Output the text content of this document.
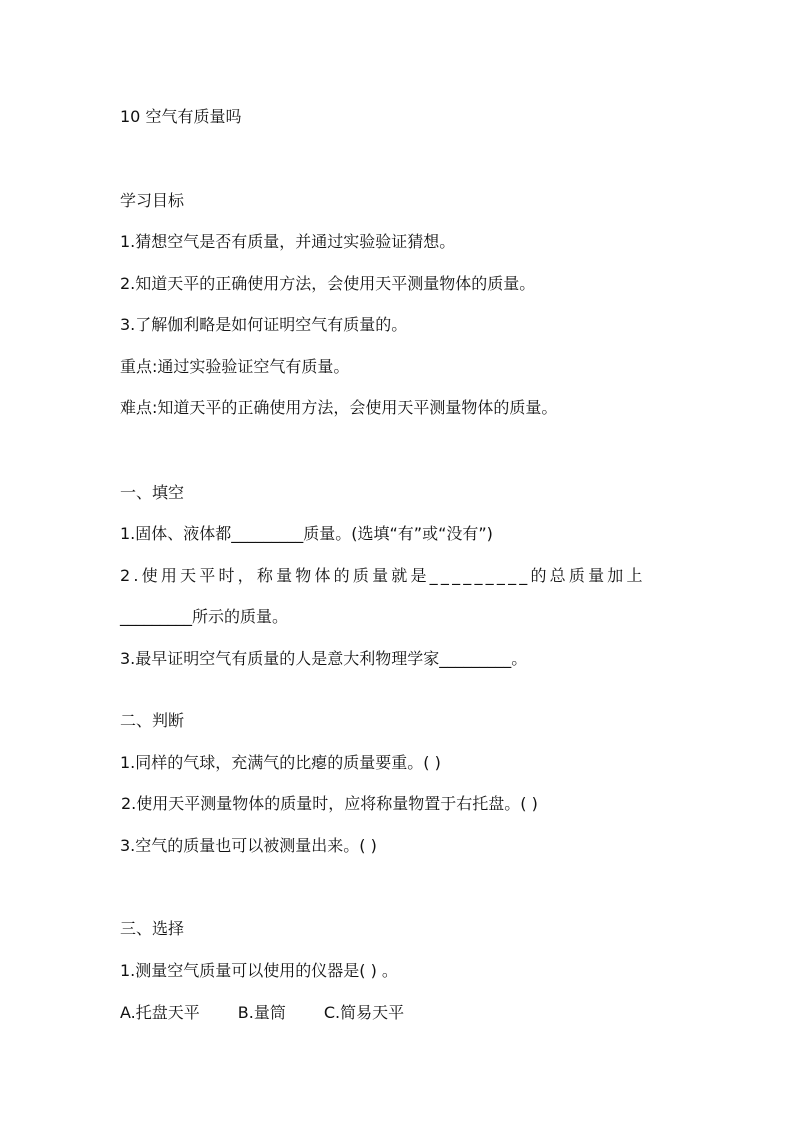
10 空气有质量吗
学习目标
1.猜想空气是否有质量，并通过实验验证猜想。
2.知道天平的正确使用方法，会使用天平测量物体的质量。
3.了解伽利略是如何证明空气有质量的。
重点:通过实验验证空气有质量。
难点:知道天平的正确使用方法，会使用天平测量物体的质量。
一、填空
1.固体、液体都_________质量。(选填“有”或“没有”)
2.使用天平时，称量物体的质量就是_________的总质量加上
_________所示的质量。
3.最早证明空气有质量的人是意大利物理学家_________。
二、判断
1.同样的气球，充满气的比瘪的质量要重。( )
2.使用天平测量物体的质量时，应将称量物置于右托盘。( )
3.空气的质量也可以被测量出来。( )
三、选择
1.测量空气质量可以使用的仪器是( ) 。
A.托盘天平 B.量筒 C.简易天平
